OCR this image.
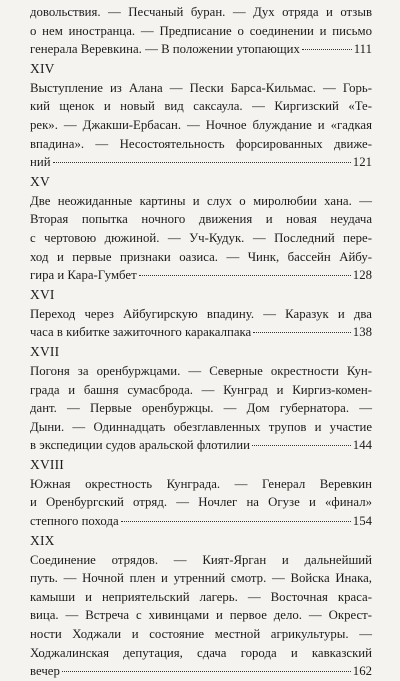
довольствия. — Песчаный буран. — Дух отряда и отзыв
о нем иностранца. — Предписание о соединении и письмо
генерала Веревкина. — В положении утопающих	111
XIV
Выступление из Алана — Пески Барса-Кильмас. — Горь-
кий щенок и новый вид саксаула. — Киргизский «Те-
рек». — Джакши-Ербасан. — Ночное блуждание и «гадкая
впадина». — Несостоятельность форсированных движе-
ний	121
XV
Две неожиданные картины и слух о миролюбии хана. —
Вторая попытка ночного движения и новая неудача
с чертовою дюжиной. — Уч-Кудук. — Последний пере-
ход и первые признаки оазиса. — Чинк, бассейн Айбу-
гира и Кара-Гумбет	128
XVI
Переход через Айбугирскую впадину. — Каразук и два
часа в кибитке зажиточного каракалпака	138
XVII
Погоня за оренбуржцами. — Северные окрестности Кун-
града и башня сумасброда. — Кунград и Киргиз-комен-
дант. — Первые оренбуржцы. — Дом губернатора. —
Дыни. — Одиннадцать обезглавленных трупов и участие
в экспедиции судов аральской флотилии	144
XVIII
Южная окрестность Кунграда. — Генерал Веревкин
и Оренбургский отряд. — Ночлег на Огузе и «финал»
степного похода	154
XIX
Соединение отрядов. — Кият-Ярган и дальнейший
путь. — Ночной плен и утренний смотр. — Войска Инака,
камыши и неприятельский лагерь. — Восточная краса-
вица. — Встреча с хивинцами и первое дело. — Окрест-
ности Ходжали и состояние местной агрикультуры. —
Ходжалинская депутация, сдача города и кавказский
вечер	162
